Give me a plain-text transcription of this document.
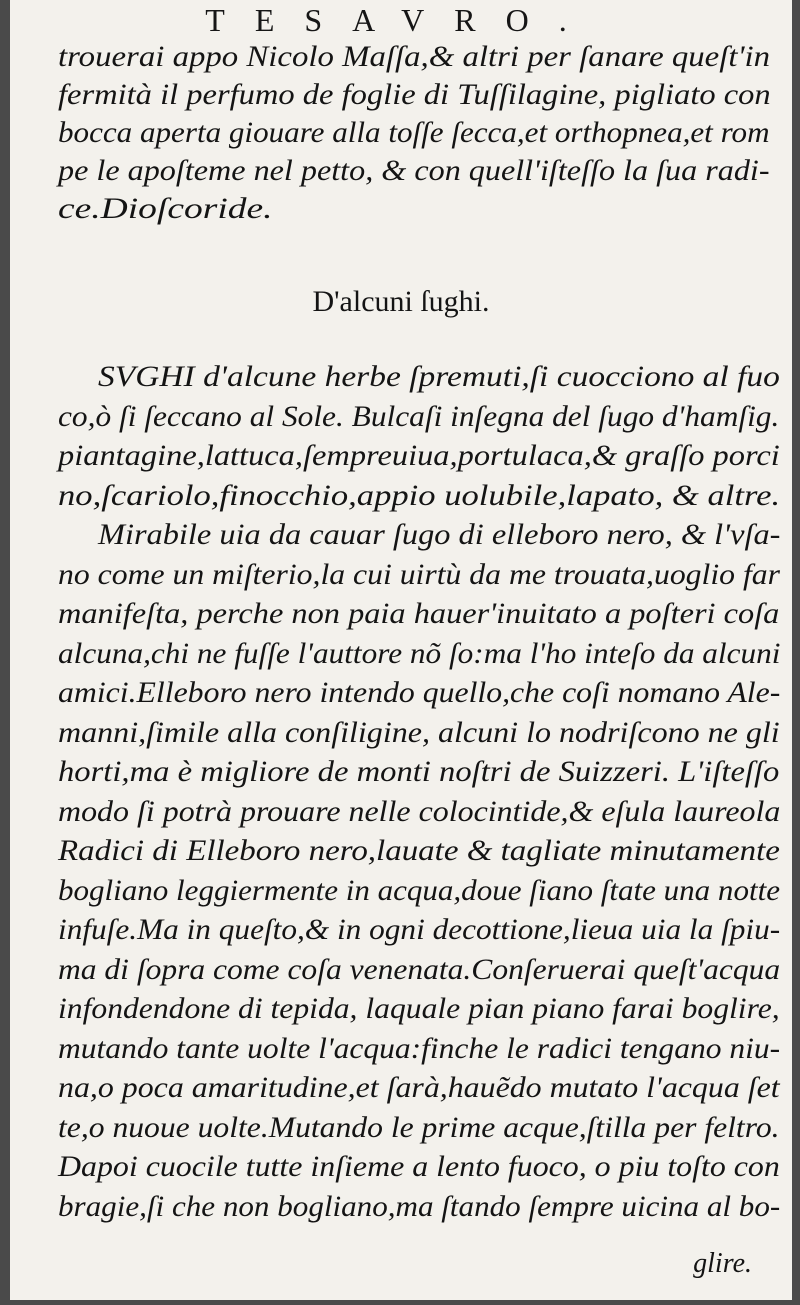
TESAVRO.
trouerai appo Nicolo Maſſa,& altri per ſanare queſt'in
fermità il perfumo de foglie di Tuſſilagine, pigliato con
bocca aperta giouare alla toſſe ſecca,et orthopnea,et rom
pe le apoſteme nel petto, & con quell'iſteſſo la ſua radi-
ce.Dioſcoride.
D'alcuni ſughi.
SVGHI d'alcune herbe ſpremuti,ſi cuocciono al fuo
co,ò ſi ſeccano al Sole. Bulcaſi inſegna del ſugo d'hamſig.
piantagine,lattuca,ſempreuiua,portulaca,& graſſo porci
no,ſcariolo,finocchio,appio uolubile,lapato, & altre.
Mirabile uia da cauar ſugo di elleboro nero, & l'vſa-
no come un miſterio,la cui uirtù da me trouata,uoglio far
manifeſta, perche non paia hauer'inuitato a poſteri coſa
alcuna,chi ne fuſſe l'auttore nõ ſo:ma l'ho inteſo da alcuni
amici.Elleboro nero intendo quello,che coſi nomano Ale-
manni,ſimile alla conſiligine, alcuni lo nodriſcono ne gli
horti,ma è migliore de monti noſtri de Suizzeri. L'iſteſſo
modo ſi potrà prouare nelle colocintide,& eſula laureola
Radici di Elleboro nero,lauate & tagliate minutamente
bogliano leggiermente in acqua,doue ſiano ſtate una notte
infuſe.Ma in queſto,& in ogni decottione,lieua uia la ſpiu-
ma di ſopra come coſa venenata.Conſeruerai queſt'acqua
infondendone di tepida, laquale pian piano farai boglire,
mutando tante uolte l'acqua:finche le radici tengano niu-
na,o poca amaritudine,et ſarà,hauẽdo mutato l'acqua ſet
te,o nuoue uolte.Mutando le prime acque,ſtilla per feltro.
Dapoi cuocile tutte inſieme a lento fuoco, o piu toſto con
bragie,ſi che non bogliano,ma ſtando ſempre uicina al bo-
glire.
